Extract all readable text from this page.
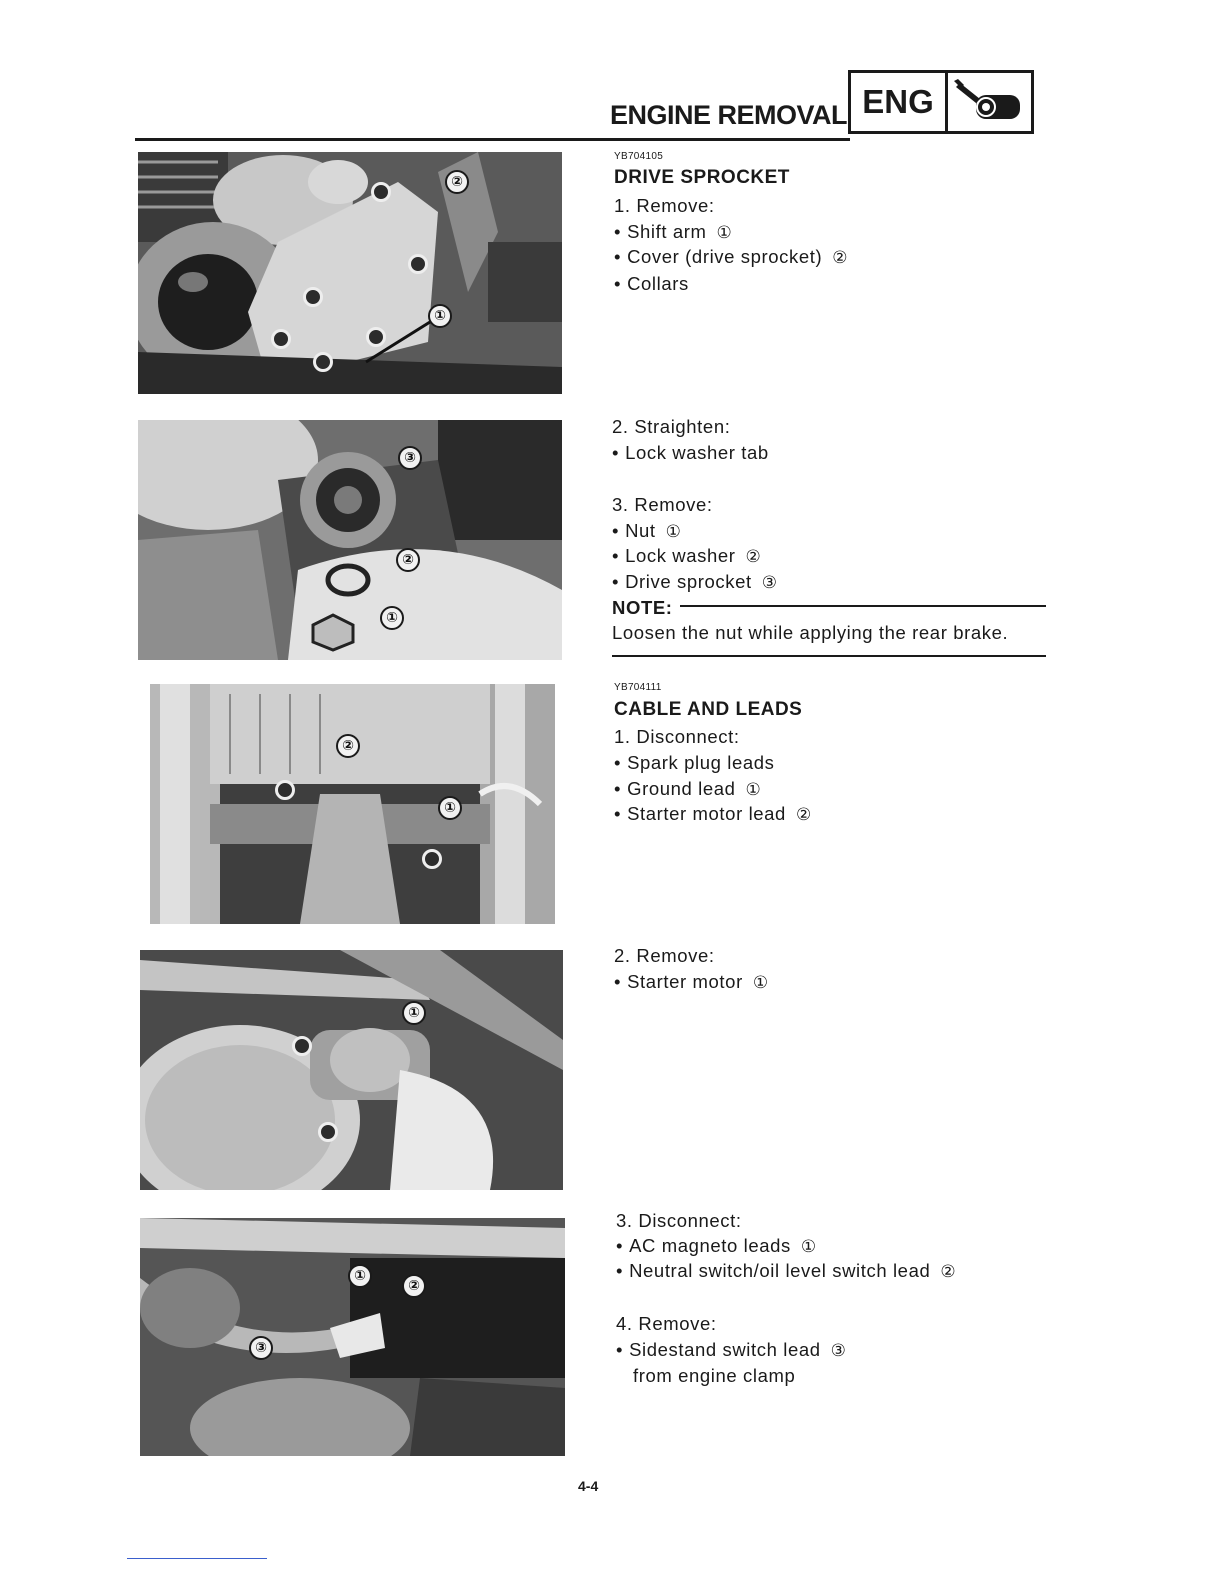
ENGINE REMOVAL ENG
②
①
③
②
①
②
①
①
①
②
③
YB704105
DRIVE SPROCKET
1. Remove:
• Shift arm ①
• Cover (drive sprocket) ②
• Collars
2. Straighten:
• Lock washer tab
3. Remove:
• Nut ①
• Lock washer ②
• Drive sprocket ③
NOTE:
Loosen the nut while applying the rear brake.
YB704111
CABLE AND LEADS
1. Disconnect:
• Spark plug leads
• Ground lead ①
• Starter motor lead ②
2. Remove:
• Starter motor ①
3. Disconnect:
• AC magneto leads ①
• Neutral switch/oil level switch lead ②
4. Remove:
• Sidestand switch lead ③
from engine clamp
4-4
